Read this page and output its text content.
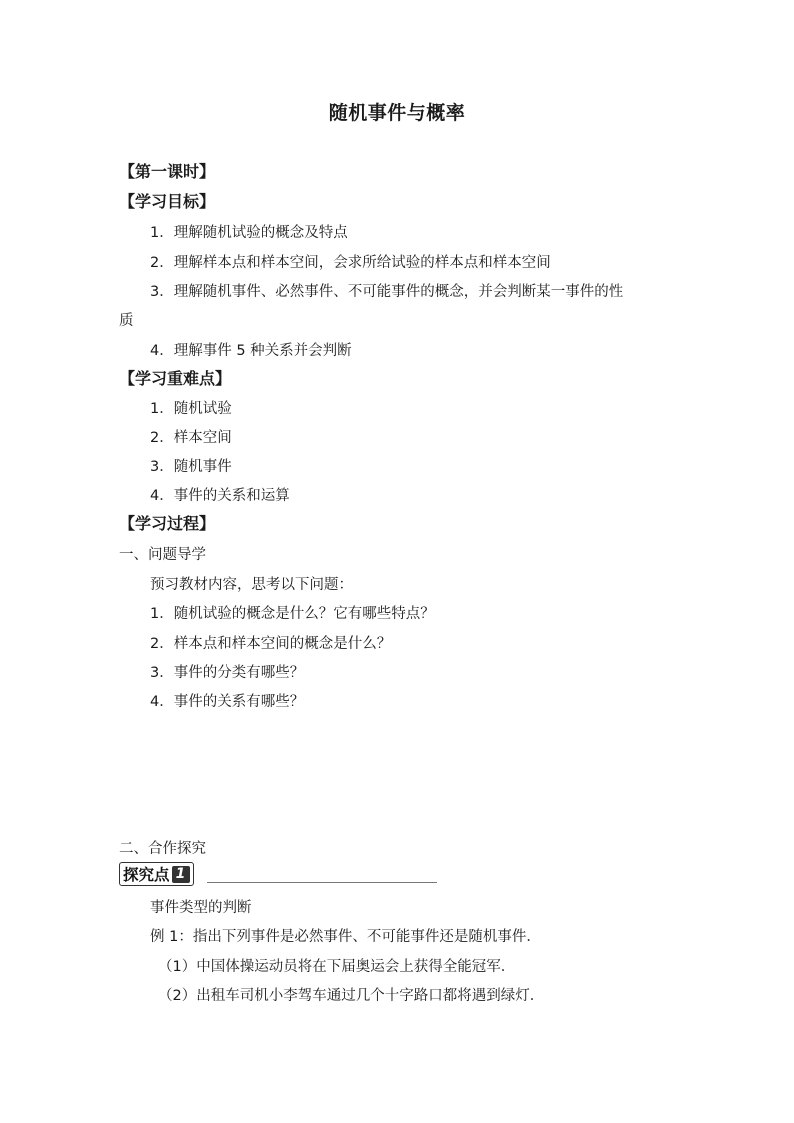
随机事件与概率
【第一课时】
【学习目标】
1．理解随机试验的概念及特点
2．理解样本点和样本空间，会求所给试验的样本点和样本空间
3．理解随机事件、必然事件、不可能事件的概念，并会判断某一事件的性
质
4．理解事件 5 种关系并会判断
【学习重难点】
1．随机试验
2．样本空间
3．随机事件
4．事件的关系和运算
【学习过程】
一、问题导学
预习教材内容，思考以下问题：
1．随机试验的概念是什么？它有哪些特点？
2．样本点和样本空间的概念是什么？
3．事件的分类有哪些？
4．事件的关系有哪些？
二、合作探究
探究点 1
事件类型的判断
例 1：指出下列事件是必然事件、不可能事件还是随机事件．
（1）中国体操运动员将在下届奥运会上获得全能冠军．
（2）出租车司机小李驾车通过几个十字路口都将遇到绿灯．
